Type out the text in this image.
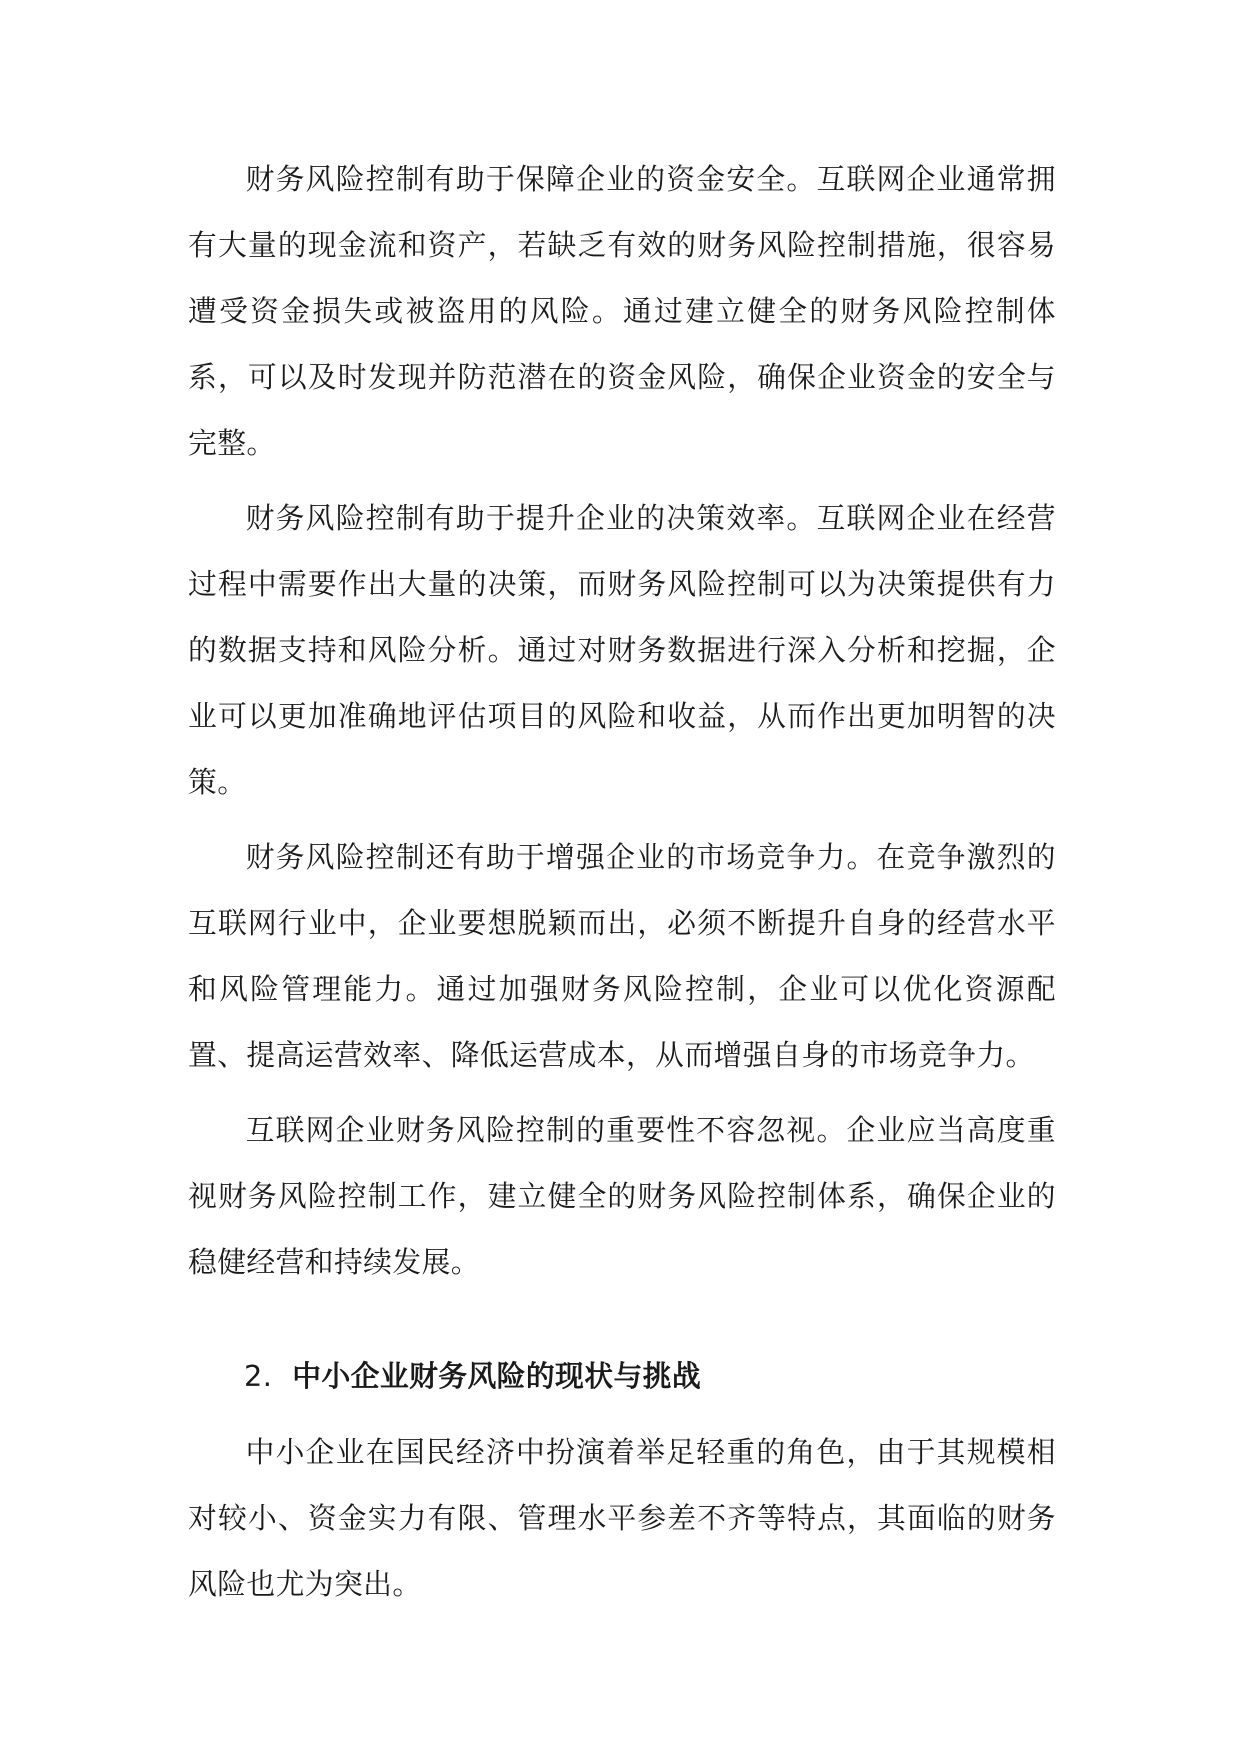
财务风险控制有助于保障企业的资金安全。互联网企业通常拥有大量的现金流和资产，若缺乏有效的财务风险控制措施，很容易遭受资金损失或被盗用的风险。通过建立健全的财务风险控制体系，可以及时发现并防范潜在的资金风险，确保企业资金的安全与完整。

财务风险控制有助于提升企业的决策效率。互联网企业在经营过程中需要作出大量的决策，而财务风险控制可以为决策提供有力的数据支持和风险分析。通过对财务数据进行深入分析和挖掘，企业可以更加准确地评估项目的风险和收益，从而作出更加明智的决策。

财务风险控制还有助于增强企业的市场竞争力。在竞争激烈的互联网行业中，企业要想脱颖而出，必须不断提升自身的经营水平和风险管理能力。通过加强财务风险控制，企业可以优化资源配置、提高运营效率、降低运营成本，从而增强自身的市场竞争力。

互联网企业财务风险控制的重要性不容忽视。企业应当高度重视财务风险控制工作，建立健全的财务风险控制体系，确保企业的稳健经营和持续发展。

2. 中小企业财务风险的现状与挑战

中小企业在国民经济中扮演着举足轻重的角色，由于其规模相对较小、资金实力有限、管理水平参差不齐等特点，其面临的财务风险也尤为突出。
